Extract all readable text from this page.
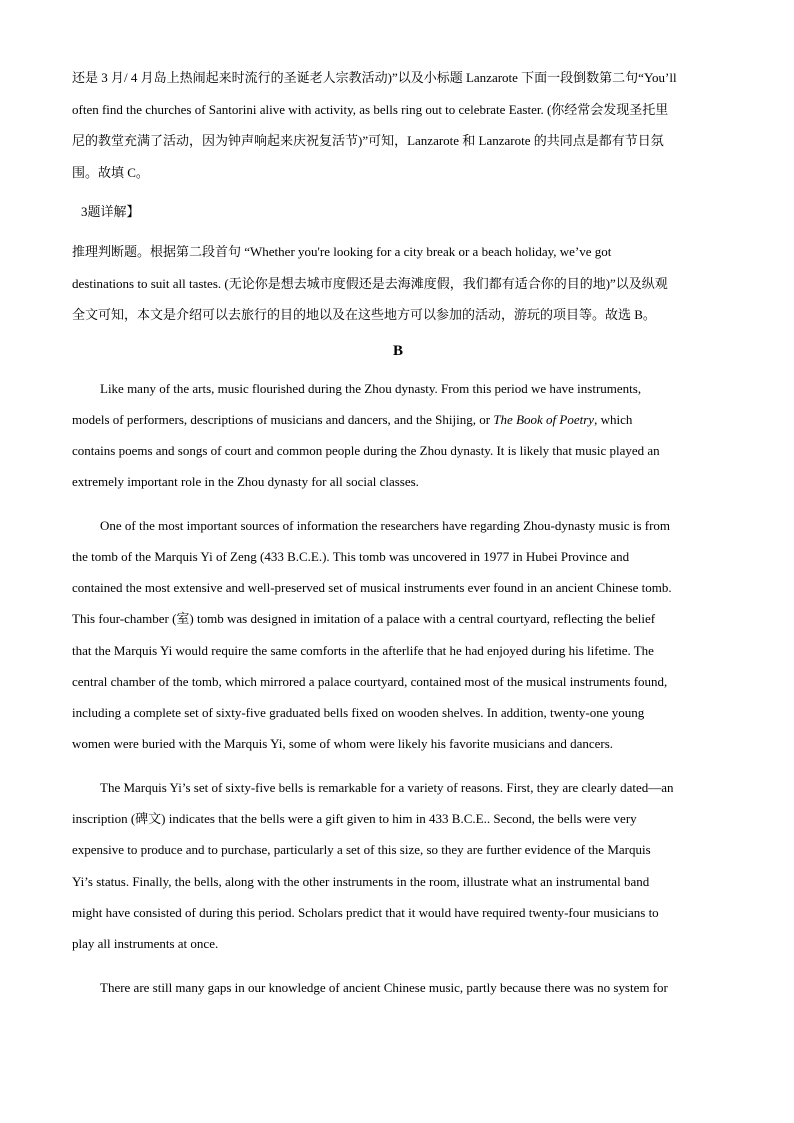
还是 3 月/ 4 月岛上热闹起来时流行的圣诞老人宗教活动)”以及小标题 Lanzarote 下面一段倒数第二句“You’ll
often find the churches of Santorini alive with activity, as bells ring out to celebrate Easter. (你经常会发现圣托里
尼的教堂充满了活动，因为钟声响起来庆祝复活节)”可知，Lanzarote 和 Lanzarote 的共同点是都有节日氛
围。故填 C。
3题详解】
推理判断题。根据第二段首句 “Whether you're looking for a city break or a beach holiday, we’ve got
destinations to suit all tastes. (无论你是想去城市度假还是去海滩度假，我们都有适合你的目的地)”以及纵观
全文可知，本文是介绍可以去旅行的目的地以及在这些地方可以参加的活动，游玩的项目等。故选 B。
B
Like many of the arts, music flourished during the Zhou dynasty. From this period we have instruments,
models of performers, descriptions of musicians and dancers, and the Shijing, or The Book of Poetry, which
contains poems and songs of court and common people during the Zhou dynasty. It is likely that music played an
extremely important role in the Zhou dynasty for all social classes.
One of the most important sources of information the researchers have regarding Zhou-dynasty music is from
the tomb of the Marquis Yi of Zeng (433 B.C.E.). This tomb was uncovered in 1977 in Hubei Province and
contained the most extensive and well-preserved set of musical instruments ever found in an ancient Chinese tomb.
This four-chamber (室) tomb was designed in imitation of a palace with a central courtyard, reflecting the belief
that the Marquis Yi would require the same comforts in the afterlife that he had enjoyed during his lifetime. The
central chamber of the tomb, which mirrored a palace courtyard, contained most of the musical instruments found,
including a complete set of sixty-five graduated bells fixed on wooden shelves. In addition, twenty-one young
women were buried with the Marquis Yi, some of whom were likely his favorite musicians and dancers.
The Marquis Yi’s set of sixty-five bells is remarkable for a variety of reasons. First, they are clearly dated—an
inscription (碑文) indicates that the bells were a gift given to him in 433 B.C.E.. Second, the bells were very
expensive to produce and to purchase, particularly a set of this size, so they are further evidence of the Marquis
Yi’s status. Finally, the bells, along with the other instruments in the room, illustrate what an instrumental band
might have consisted of during this period. Scholars predict that it would have required twenty-four musicians to
play all instruments at once.
There are still many gaps in our knowledge of ancient Chinese music, partly because there was no system for
